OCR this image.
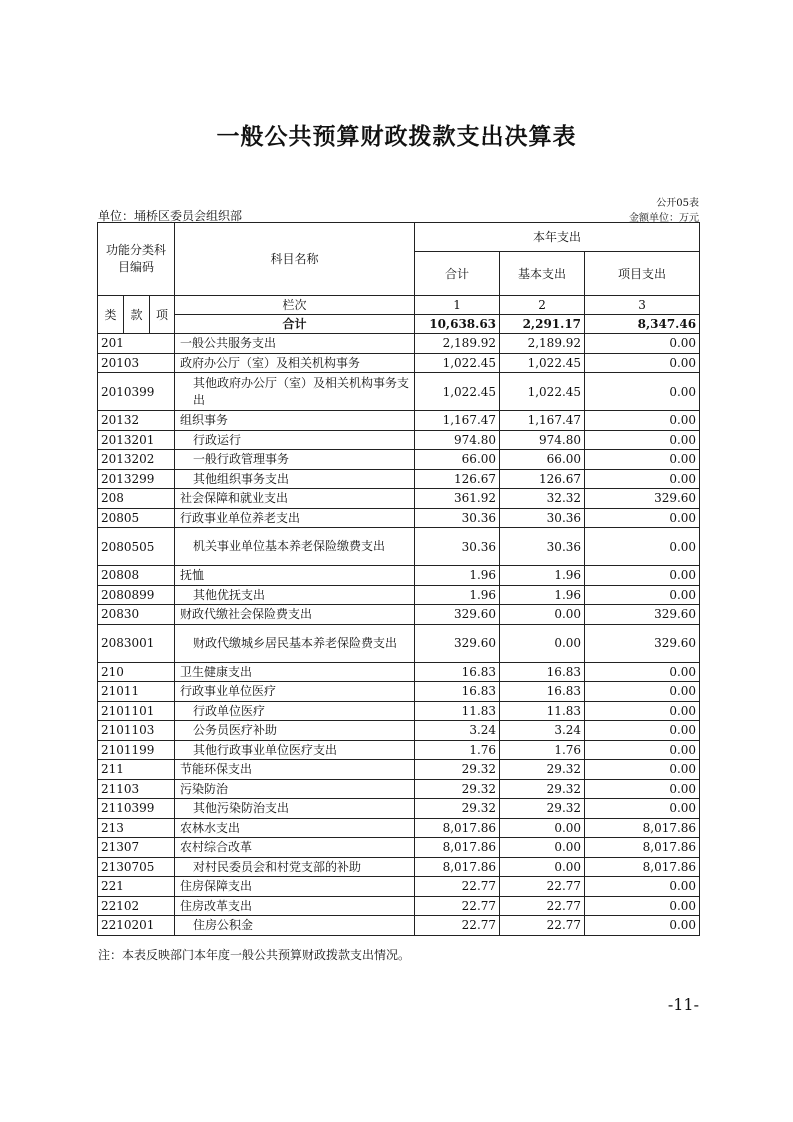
一般公共预算财政拨款支出决算表
公开05表
单位：埇桥区委员会组织部	金额单位：万元
功能分类科目编码			科目名称	本年支出		
				合计	基本支出	项目支出
类	款	项	栏次	1	2	3
			合计	10,638.63	2,291.17	8,347.46
201			一般公共服务支出	2,189.92	2,189.92	0.00
20103			政府办公厅（室）及相关机构事务	1,022.45	1,022.45	0.00
2010399			其他政府办公厅（室）及相关机构事务支出	1,022.45	1,022.45	0.00
20132			组织事务	1,167.47	1,167.47	0.00
2013201			行政运行	974.80	974.80	0.00
2013202			一般行政管理事务	66.00	66.00	0.00
2013299			其他组织事务支出	126.67	126.67	0.00
208			社会保障和就业支出	361.92	32.32	329.60
20805			行政事业单位养老支出	30.36	30.36	0.00
2080505			机关事业单位基本养老保险缴费支出	30.36	30.36	0.00
20808			抚恤	1.96	1.96	0.00
2080899			其他优抚支出	1.96	1.96	0.00
20830			财政代缴社会保险费支出	329.60	0.00	329.60
2083001			财政代缴城乡居民基本养老保险费支出	329.60	0.00	329.60
210			卫生健康支出	16.83	16.83	0.00
21011			行政事业单位医疗	16.83	16.83	0.00
2101101			行政单位医疗	11.83	11.83	0.00
2101103			公务员医疗补助	3.24	3.24	0.00
2101199			其他行政事业单位医疗支出	1.76	1.76	0.00
211			节能环保支出	29.32	29.32	0.00
21103			污染防治	29.32	29.32	0.00
2110399			其他污染防治支出	29.32	29.32	0.00
213			农林水支出	8,017.86	0.00	8,017.86
21307			农村综合改革	8,017.86	0.00	8,017.86
2130705			对村民委员会和村党支部的补助	8,017.86	0.00	8,017.86
221			住房保障支出	22.77	22.77	0.00
22102			住房改革支出	22.77	22.77	0.00
2210201			住房公积金	22.77	22.77	0.00
注：本表反映部门本年度一般公共预算财政拨款支出情况。
-11-
